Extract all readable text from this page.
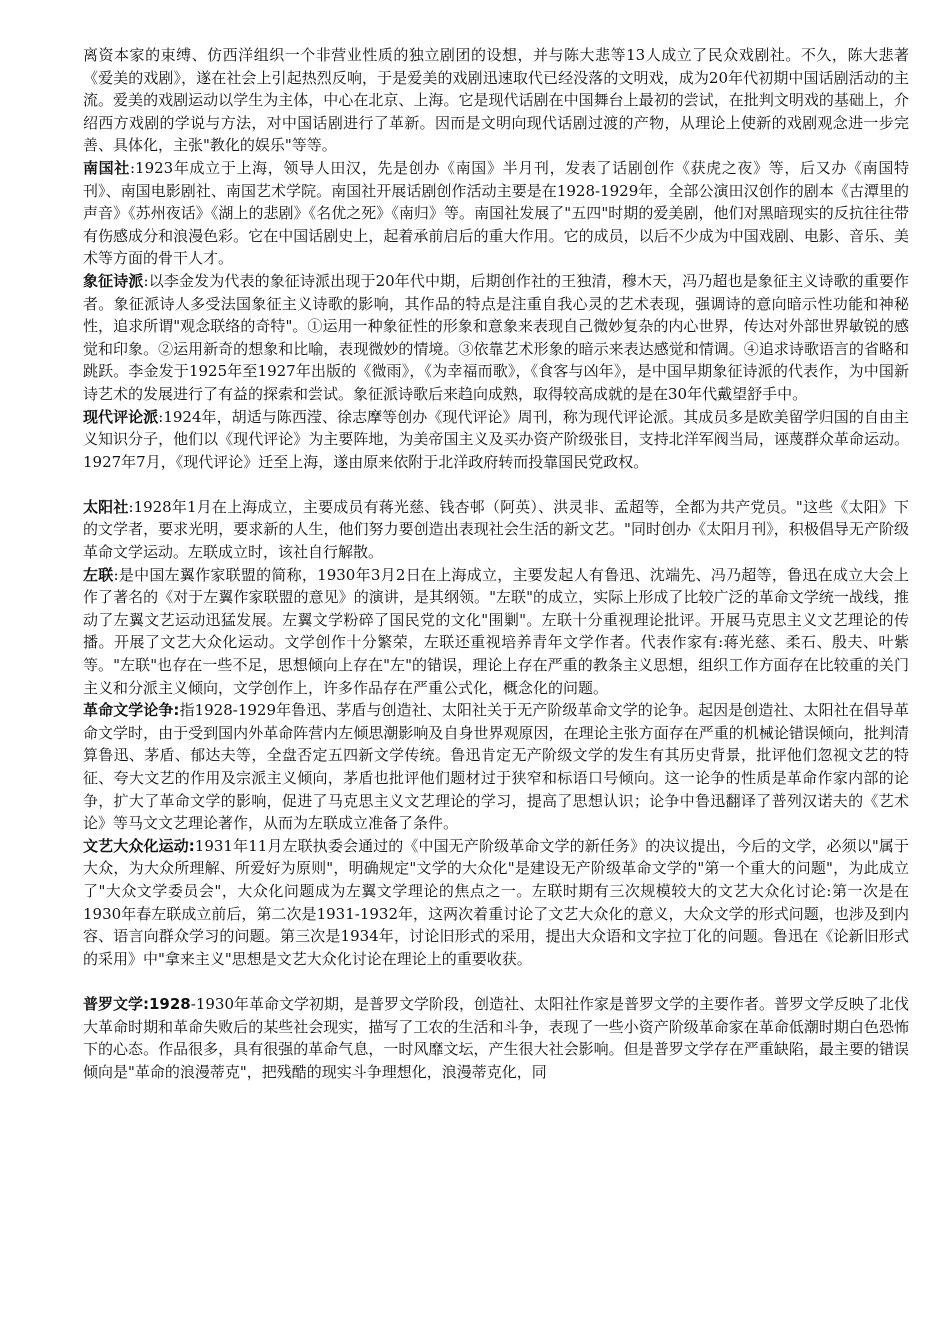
离资本家的束缚、仿西洋组织一个非营业性质的独立剧团的设想，并与陈大悲等13人成立了民众戏剧社。不久，陈大悲著《爱美的戏剧》，遂在社会上引起热烈反响，于是爱美的戏剧迅速取代已经没落的文明戏，成为20年代初期中国话剧活动的主流。爱美的戏剧运动以学生为主体，中心在北京、上海。它是现代话剧在中国舞台上最初的尝试，在批判文明戏的基础上，介绍西方戏剧的学说与方法，对中国话剧进行了革新。因而是文明向现代话剧过渡的产物，从理论上使新的戏剧观念进一步完善、具体化，主张"教化的娱乐"等等。

南国社:1923年成立于上海，领导人田汉，先是创办《南国》半月刊，发表了话剧创作《获虎之夜》等，后又办《南国特刊》、南国电影剧社、南国艺术学院。南国社开展话剧创作活动主要是在1928-1929年，全部公演田汉创作的剧本《古潭里的声音》《苏州夜话》《湖上的悲剧》《名优之死》《南归》等。南国社发展了"五四"时期的爱美剧，他们对黑暗现实的反抗往往带有伤感成分和浪漫色彩。它在中国话剧史上，起着承前启后的重大作用。它的成员，以后不少成为中国戏剧、电影、音乐、美术等方面的骨干人才。

象征诗派:以李金发为代表的象征诗派出现于20年代中期，后期创作社的王独清，穆木天，冯乃超也是象征主义诗歌的重要作者。象征派诗人多受法国象征主义诗歌的影响，其作品的特点是注重自我心灵的艺术表现，强调诗的意向暗示性功能和神秘性，追求所谓"观念联络的奇特"。①运用一种象征性的形象和意象来表现自己微妙复杂的内心世界，传达对外部世界敏锐的感觉和印象。②运用新奇的想象和比喻，表现微妙的情境。③依靠艺术形象的暗示来表达感觉和情调。④追求诗歌语言的省略和跳跃。李金发于1925年至1927年出版的《微雨》，《为幸福而歌》，《食客与凶年》，是中国早期象征诗派的代表作，为中国新诗艺术的发展进行了有益的探索和尝试。象征派诗歌后来趋向成熟，取得较高成就的是在30年代戴望舒手中。

现代评论派:1924年，胡适与陈西滢、徐志摩等创办《现代评论》周刊，称为现代评论派。其成员多是欧美留学归国的自由主义知识分子，他们以《现代评论》为主要阵地，为美帝国主义及买办资产阶级张目，支持北洋军阀当局，诬蔑群众革命运动。1927年7月，《现代评论》迁至上海，遂由原来依附于北洋政府转而投靠国民党政权。

太阳社:1928年1月在上海成立，主要成员有蒋光慈、钱杏邨（阿英）、洪灵非、孟超等，全都为共产党员。"这些《太阳》下的文学者，要求光明，要求新的人生，他们努力要创造出表现社会生活的新文艺。"同时创办《太阳月刊》，积极倡导无产阶级革命文学运动。左联成立时，该社自行解散。

左联:是中国左翼作家联盟的简称，1930年3月2日在上海成立，主要发起人有鲁迅、沈端先、冯乃超等，鲁迅在成立大会上作了著名的《对于左翼作家联盟的意见》的演讲，是其纲领。"左联"的成立，实际上形成了比较广泛的革命文学统一战线，推动了左翼文艺运动迅猛发展。左翼文学粉碎了国民党的文化"围剿"。左联十分重视理论批评。开展马克思主义文艺理论的传播。开展了文艺大众化运动。文学创作十分繁荣，左联还重视培养青年文学作者。代表作家有:蒋光慈、柔石、殷夫、叶紫等。"左联"也存在一些不足，思想倾向上存在"左"的错误，理论上存在严重的教条主义思想，组织工作方面存在比较重的关门主义和分派主义倾向，文学创作上，许多作品存在严重公式化，概念化的问题。

革命文学论争:指1928-1929年鲁迅、茅盾与创造社、太阳社关于无产阶级革命文学的论争。起因是创造社、太阳社在倡导革命文学时，由于受到国内外革命阵营内左倾思潮影响及自身世界观原因，在理论主张方面存在严重的机械论错误倾向，批判清算鲁迅、茅盾、郁达夫等，全盘否定五四新文学传统。鲁迅肯定无产阶级文学的发生有其历史背景，批评他们忽视文艺的特征、夸大文艺的作用及宗派主义倾向，茅盾也批评他们题材过于狭窄和标语口号倾向。这一论争的性质是革命作家内部的论争，扩大了革命文学的影响，促进了马克思主义文艺理论的学习，提高了思想认识；论争中鲁迅翻译了普列汉诺夫的《艺术论》等马文文艺理论著作，从而为左联成立准备了条件。

文艺大众化运动:1931年11月左联执委会通过的《中国无产阶级革命文学的新任务》的决议提出，今后的文学，必须以"属于大众，为大众所理解、所爱好为原则"，明确规定"文学的大众化"是建设无产阶级革命文学的"第一个重大的问题"，为此成立了"大众文学委员会"，大众化问题成为左翼文学理论的焦点之一。左联时期有三次规模较大的文艺大众化讨论:第一次是在1930年春左联成立前后，第二次是1931-1932年，这两次着重讨论了文艺大众化的意义，大众文学的形式问题，也涉及到内容、语言向群众学习的问题。第三次是1934年，讨论旧形式的采用，提出大众语和文字拉丁化的问题。鲁迅在《论新旧形式的采用》中"拿来主义"思想是文艺大众化讨论在理论上的重要收获。

普罗文学:1928-1930年革命文学初期，是普罗文学阶段，创造社、太阳社作家是普罗文学的主要作者。普罗文学反映了北伐大革命时期和革命失败后的某些社会现实，描写了工农的生活和斗争，表现了一些小资产阶级革命家在革命低潮时期白色恐怖下的心态。作品很多，具有很强的革命气息，一时风靡文坛，产生很大社会影响。但是普罗文学存在严重缺陷，最主要的错误倾向是"革命的浪漫蒂克"，把残酷的现实斗争理想化，浪漫蒂克化，同
